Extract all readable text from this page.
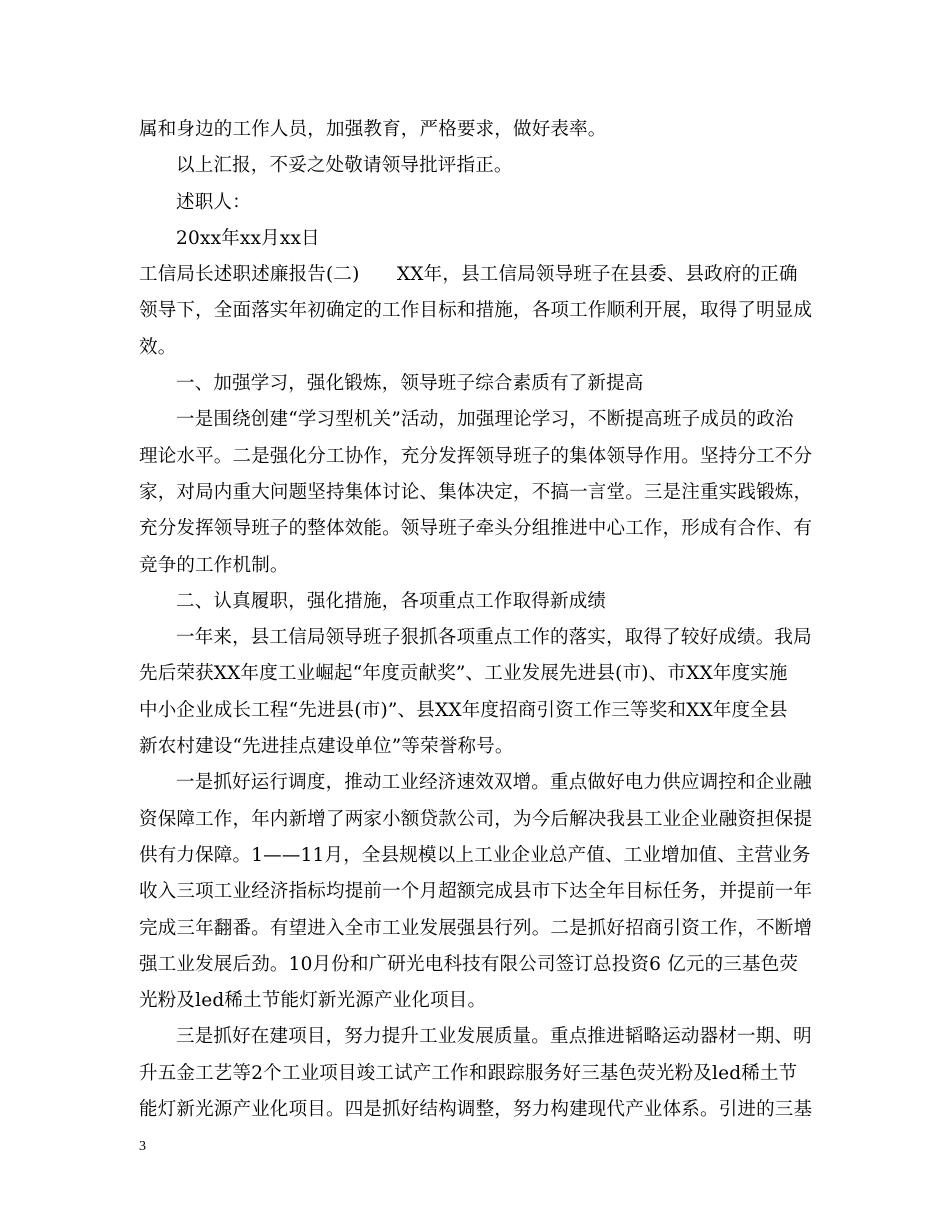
属和身边的工作人员，加强教育，严格要求，做好表率。
以上汇报，不妥之处敬请领导批评指正。
述职人：
20xx年xx月xx日
工信局长述职述廉报告(二)　　XX年，县工信局领导班子在县委、县政府的正确
领导下，全面落实年初确定的工作目标和措施，各项工作顺利开展，取得了明显成
效。
一、加强学习，强化锻炼，领导班子综合素质有了新提高
一是围绕创建“学习型机关”活动，加强理论学习，不断提高班子成员的政治
理论水平。二是强化分工协作，充分发挥领导班子的集体领导作用。坚持分工不分
家，对局内重大问题坚持集体讨论、集体决定，不搞一言堂。三是注重实践锻炼，
充分发挥领导班子的整体效能。领导班子牵头分组推进中心工作，形成有合作、有
竞争的工作机制。
二、认真履职，强化措施，各项重点工作取得新成绩
一年来，县工信局领导班子狠抓各项重点工作的落实，取得了较好成绩。我局
先后荣获XX年度工业崛起“年度贡献奖”、工业发展先进县(市)、市XX年度实施
中小企业成长工程“先进县(市)”、县XX年度招商引资工作三等奖和XX年度全县
新农村建设“先进挂点建设单位”等荣誉称号。
一是抓好运行调度，推动工业经济速效双增。重点做好电力供应调控和企业融
资保障工作，年内新增了两家小额贷款公司，为今后解决我县工业企业融资担保提
供有力保障。1——11月，全县规模以上工业企业总产值、工业增加值、主营业务
收入三项工业经济指标均提前一个月超额完成县市下达全年目标任务，并提前一年
完成三年翻番。有望进入全市工业发展强县行列。二是抓好招商引资工作，不断增
强工业发展后劲。10月份和广研光电科技有限公司签订总投资6 亿元的三基色荧
光粉及led稀土节能灯新光源产业化项目。
三是抓好在建项目，努力提升工业发展质量。重点推进韬略运动器材一期、明
升五金工艺等2个工业项目竣工试产工作和跟踪服务好三基色荧光粉及led稀土节
能灯新光源产业化项目。四是抓好结构调整，努力构建现代产业体系。引进的三基
3
